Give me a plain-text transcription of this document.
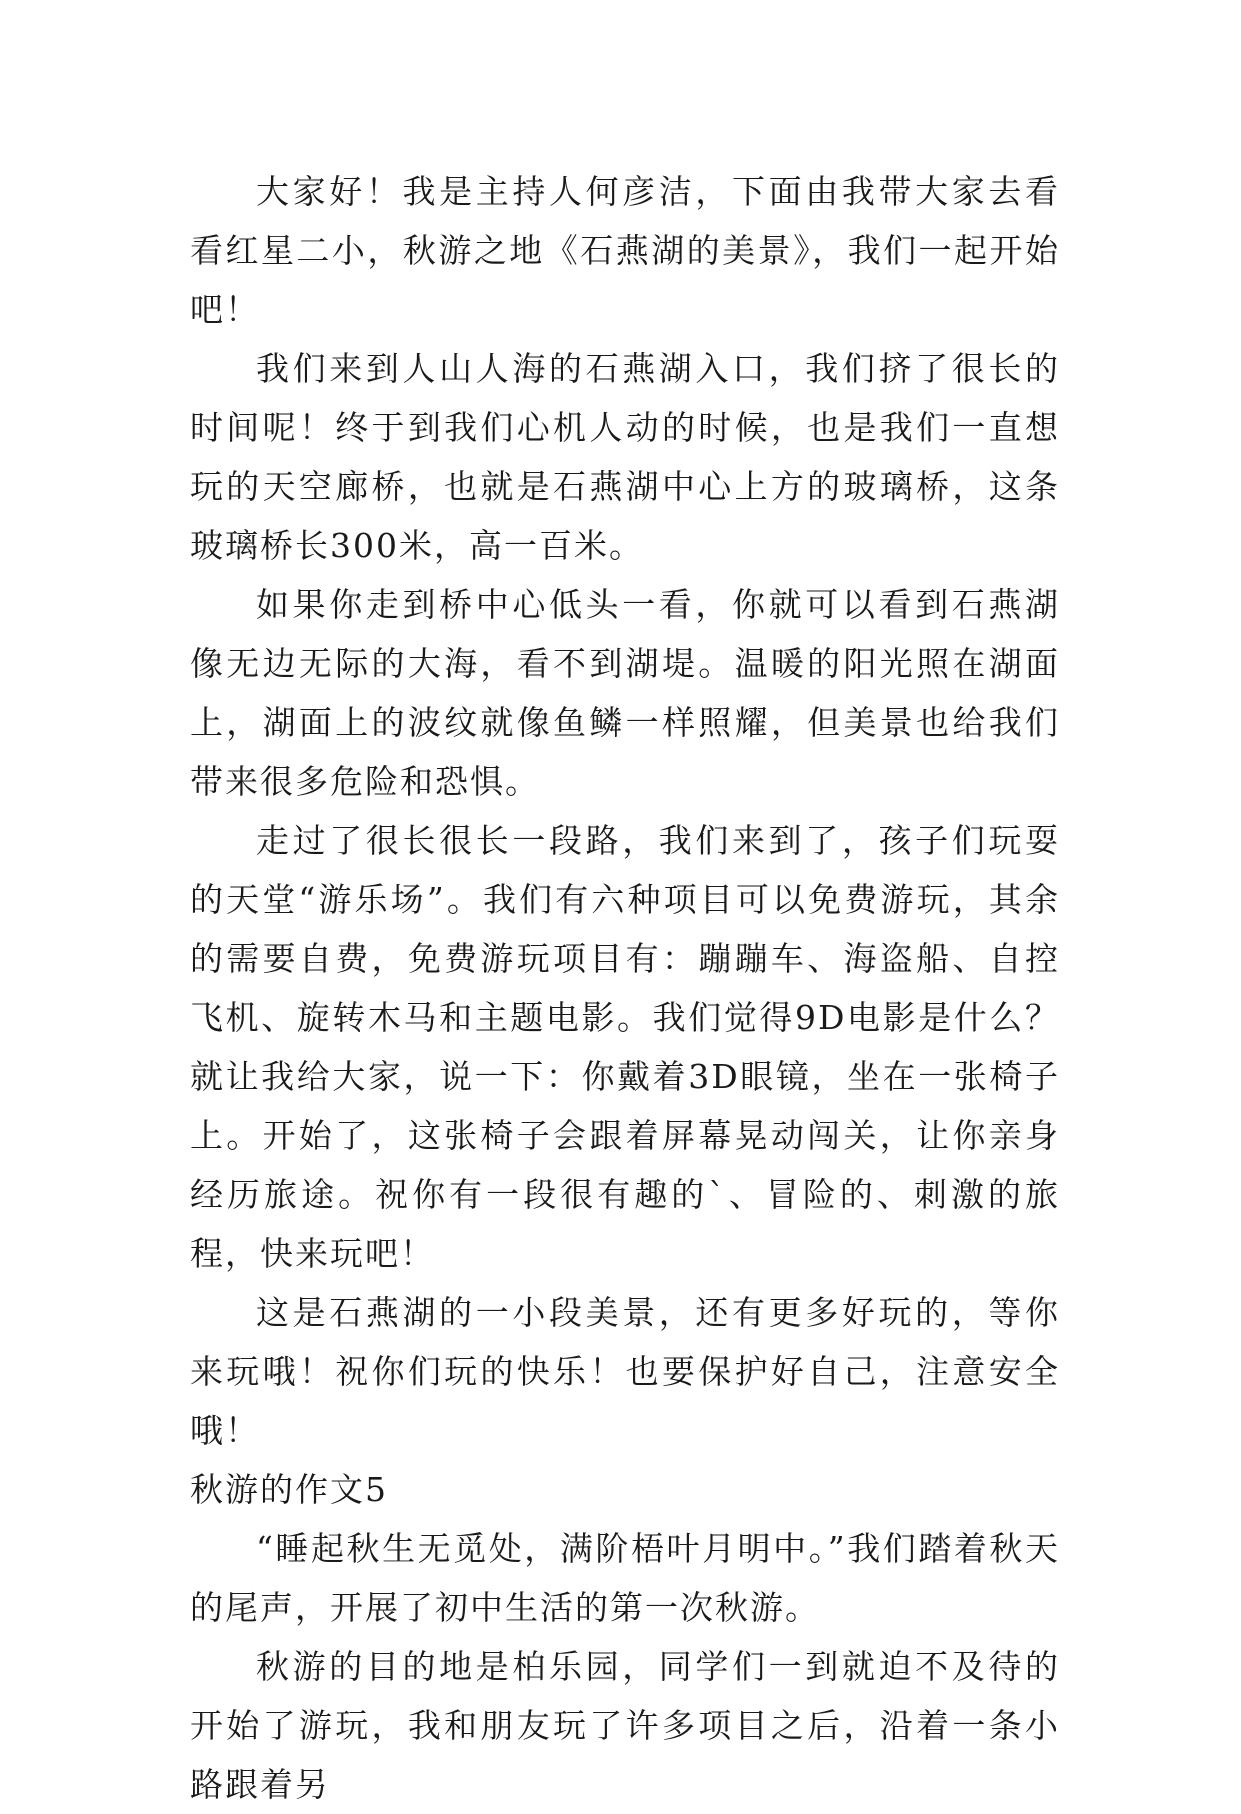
大家好！我是主持人何彦洁，下面由我带大家去看看红星二小，秋游之地《石燕湖的美景》，我们一起开始吧！

我们来到人山人海的石燕湖入口，我们挤了很长的时间呢！终于到我们心机人动的时候，也是我们一直想玩的天空廊桥，也就是石燕湖中心上方的玻璃桥，这条玻璃桥长300米，高一百米。

如果你走到桥中心低头一看，你就可以看到石燕湖像无边无际的大海，看不到湖堤。温暖的阳光照在湖面上，湖面上的波纹就像鱼鳞一样照耀，但美景也给我们带来很多危险和恐惧。

走过了很长很长一段路，我们来到了，孩子们玩耍的天堂“游乐场”。我们有六种项目可以免费游玩，其余的需要自费，免费游玩项目有：蹦蹦车、海盗船、自控飞机、旋转木马和主题电影。我们觉得9D电影是什么？就让我给大家，说一下：你戴着3D眼镜，坐在一张椅子上。开始了，这张椅子会跟着屏幕晃动闯关，让你亲身经历旅途。祝你有一段很有趣的`、冒险的、刺激的旅程，快来玩吧！

这是石燕湖的一小段美景，还有更多好玩的，等你来玩哦！祝你们玩的快乐！也要保护好自己，注意安全哦！

秋游的作文5

“睡起秋生无觅处，满阶梧叶月明中。”我们踏着秋天的尾声，开展了初中生活的第一次秋游。

秋游的目的地是柏乐园，同学们一到就迫不及待的开始了游玩，我和朋友玩了许多项目之后，沿着一条小路跟着另
